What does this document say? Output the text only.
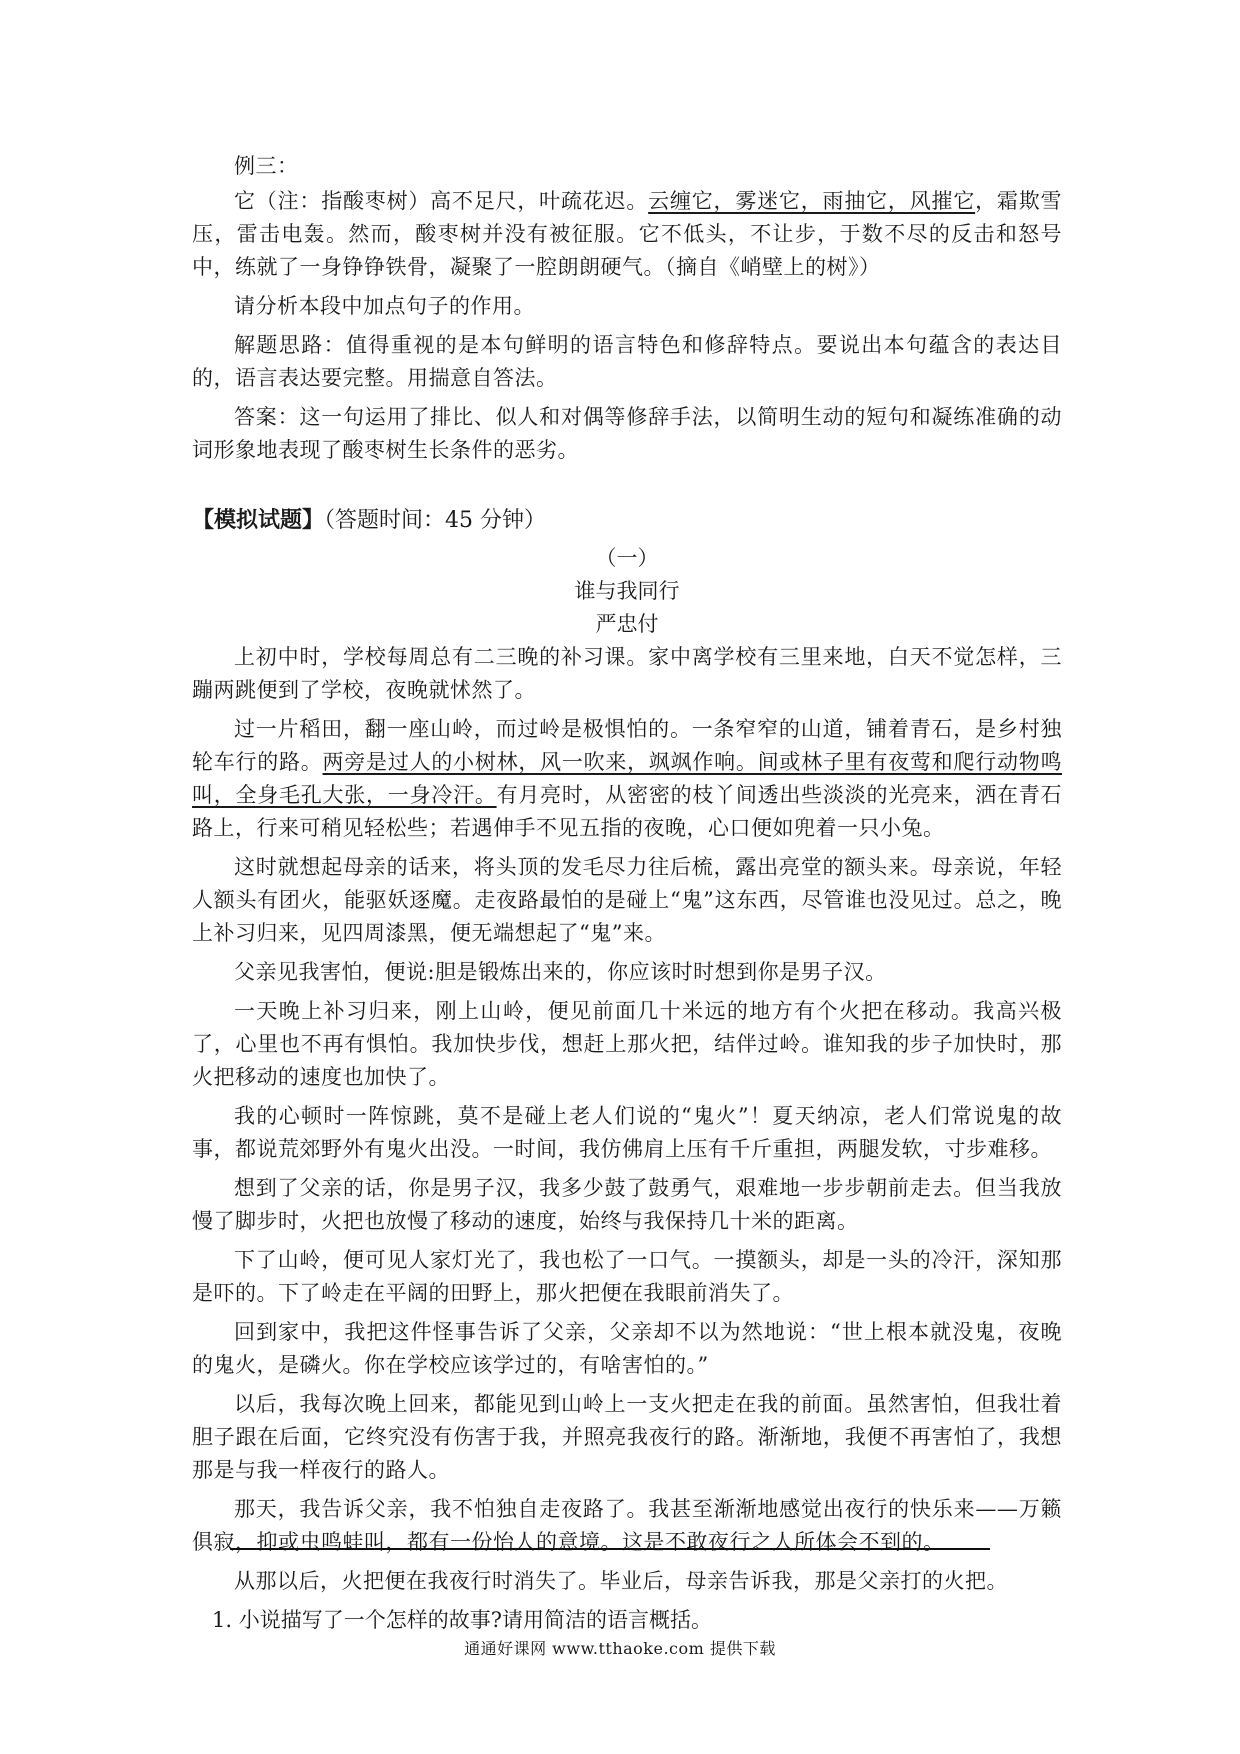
例三：

它（注：指酸枣树）高不足尺，叶疏花迟。云缠它，雾迷它，雨抽它，风摧它，霜欺雪压，雷击电轰。然而，酸枣树并没有被征服。它不低头，不让步，于数不尽的反击和怒号中，练就了一身铮铮铁骨，凝聚了一腔朗朗硬气。（摘自《峭壁上的树》）

请分析本段中加点句子的作用。

解题思路：值得重视的是本句鲜明的语言特色和修辞特点。要说出本句蕴含的表达目的，语言表达要完整。用揣意自答法。

答案：这一句运用了排比、似人和对偶等修辞手法，以简明生动的短句和凝练准确的动词形象地表现了酸枣树生长条件的恶劣。

【模拟试题】（答题时间：45 分钟）

（一）

谁与我同行

严忠付

上初中时，学校每周总有二三晚的补习课。家中离学校有三里来地，白天不觉怎样，三蹦两跳便到了学校，夜晚就怵然了。

过一片稻田，翻一座山岭，而过岭是极惧怕的。一条窄窄的山道，铺着青石，是乡村独轮车行的路。两旁是过人的小树林，风一吹来，飒飒作响。间或林子里有夜莺和爬行动物鸣叫，全身毛孔大张，一身冷汗。有月亮时，从密密的枝丫间透出些淡淡的光亮来，洒在青石路上，行来可稍见轻松些；若遇伸手不见五指的夜晚，心口便如兜着一只小兔。

这时就想起母亲的话来，将头顶的发毛尽力往后梳，露出亮堂的额头来。母亲说，年轻人额头有团火，能驱妖逐魔。走夜路最怕的是碰上“鬼”这东西，尽管谁也没见过。总之，晚上补习归来，见四周漆黑，便无端想起了“鬼”来。

父亲见我害怕，便说:胆是锻炼出来的，你应该时时想到你是男子汉。

一天晚上补习归来，刚上山岭，便见前面几十米远的地方有个火把在移动。我高兴极了，心里也不再有惧怕。我加快步伐，想赶上那火把，结伴过岭。谁知我的步子加快时，那火把移动的速度也加快了。

我的心顿时一阵惊跳，莫不是碰上老人们说的“鬼火”！夏天纳凉，老人们常说鬼的故事，都说荒郊野外有鬼火出没。一时间，我仿佛肩上压有千斤重担，两腿发软，寸步难移。

想到了父亲的话，你是男子汉，我多少鼓了鼓勇气，艰难地一步步朝前走去。但当我放慢了脚步时，火把也放慢了移动的速度，始终与我保持几十米的距离。

下了山岭，便可见人家灯光了，我也松了一口气。一摸额头，却是一头的冷汗，深知那是吓的。下了岭走在平阔的田野上，那火把便在我眼前消失了。

回到家中，我把这件怪事告诉了父亲，父亲却不以为然地说：“世上根本就没鬼，夜晚的鬼火，是磷火。你在学校应该学过的，有啥害怕的。”

以后，我每次晚上回来，都能见到山岭上一支火把走在我的前面。虽然害怕，但我壮着胆子跟在后面，它终究没有伤害于我，并照亮我夜行的路。渐渐地，我便不再害怕了，我想那是与我一样夜行的路人。

那天，我告诉父亲，我不怕独自走夜路了。我甚至渐渐地感觉出夜行的快乐来——万籁俱寂，抑或虫鸣蛙叫，都有一份怡人的意境。这是不敢夜行之人所体会不到的。

从那以后，火把便在我夜行时消失了。毕业后，母亲告诉我，那是父亲打的火把。

1. 小说描写了一个怎样的故事?请用简洁的语言概括。

通通好课网 www.tthaoke.com 提供下载
